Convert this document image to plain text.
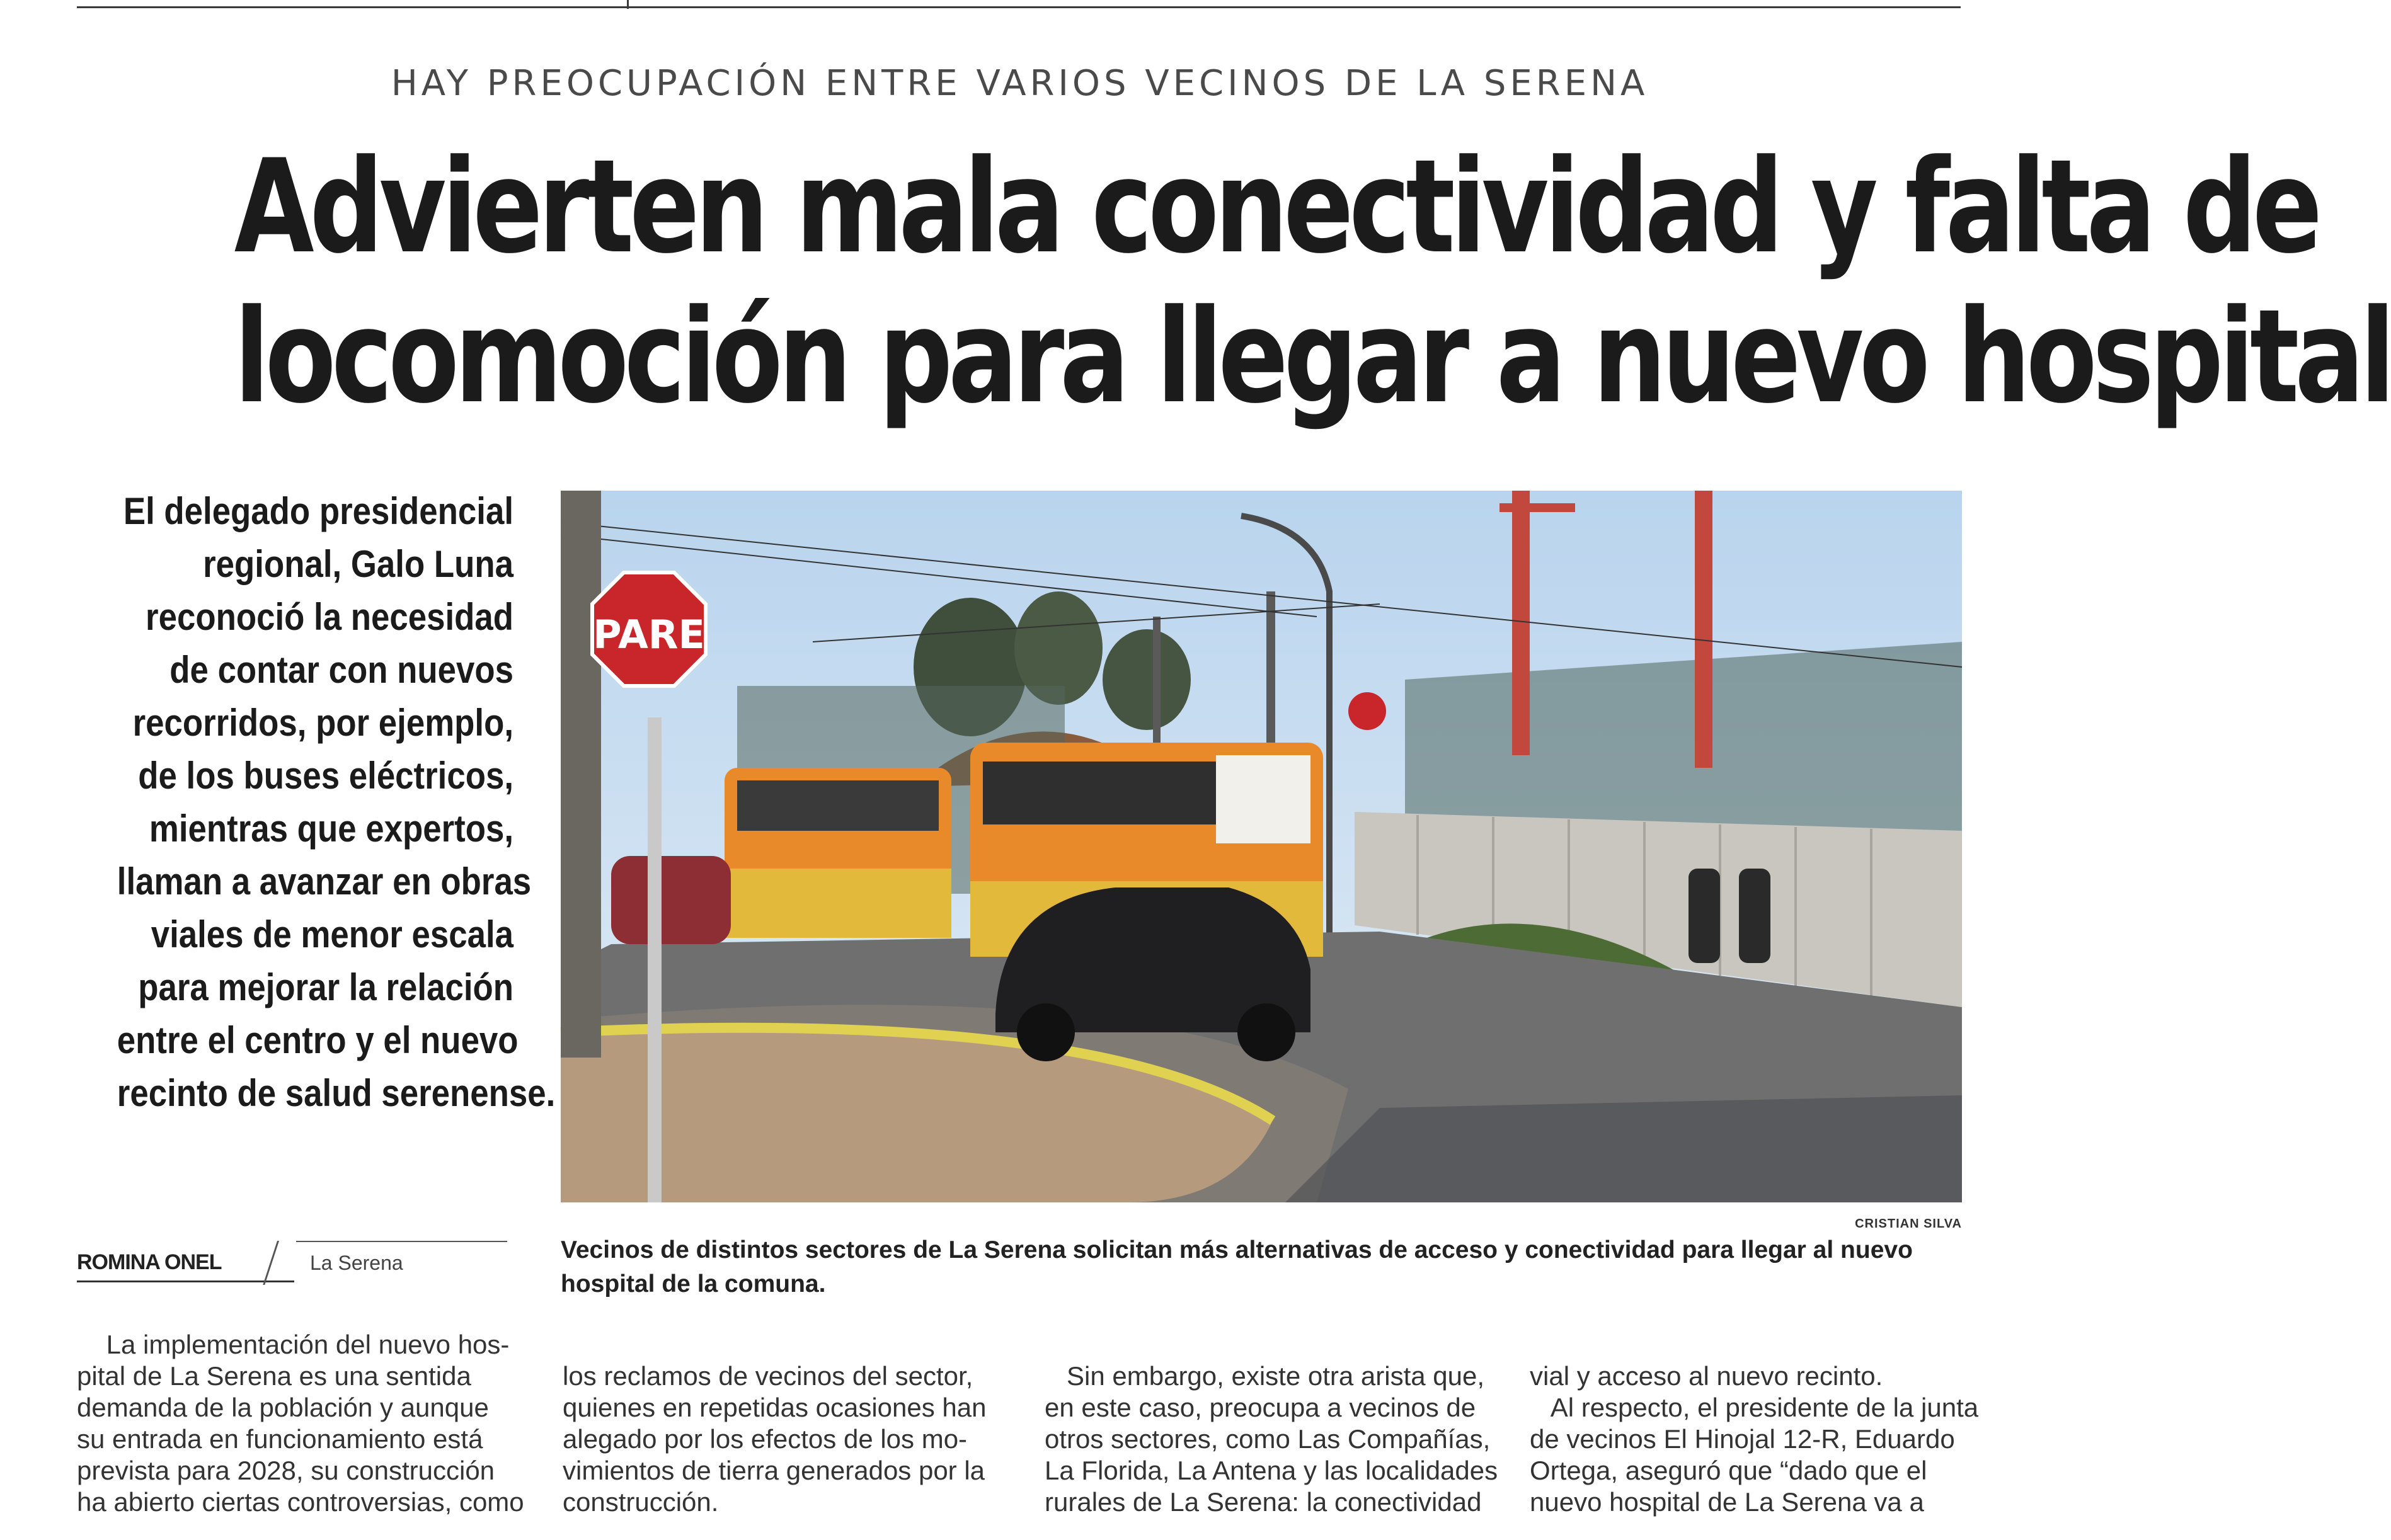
HAY PREOCUPACIÓN ENTRE VARIOS VECINOS DE LA SERENA
Advierten mala conectividad y falta de
locomoción para llegar a nuevo hospital
El delegado presidencial
regional, Galo Luna
reconoció la necesidad
de contar con nuevos
recorridos, por ejemplo,
de los buses eléctricos,
mientras que expertos,
llaman a avanzar en obras
viales de menor escala
para mejorar la relación
entre el centro y el nuevo
recinto de salud serenense.
PARE
CRISTIAN SILVA
Vecinos de distintos sectores de La Serena solicitan más alternativas de acceso y conectividad para llegar al nuevo hospital de la comuna.
ROMINA ONEL	La Serena
La implementación del nuevo hos-
pital de La Serena es una sentida
demanda de la población y aunque
su entrada en funcionamiento está
prevista para 2028, su construcción
ha abierto ciertas controversias, como
los reclamos de vecinos del sector,
quienes en repetidas ocasiones han
alegado por los efectos de los mo-
vimientos de tierra generados por la
construcción.
Sin embargo, existe otra arista que,
en este caso, preocupa a vecinos de
otros sectores, como Las Compañías,
La Florida, La Antena y las localidades
rurales de La Serena: la conectividad
vial y acceso al nuevo recinto.
Al respecto, el presidente de la junta
de vecinos El Hinojal 12-R, Eduardo
Ortega, aseguró que “dado que el
nuevo hospital de La Serena va a
